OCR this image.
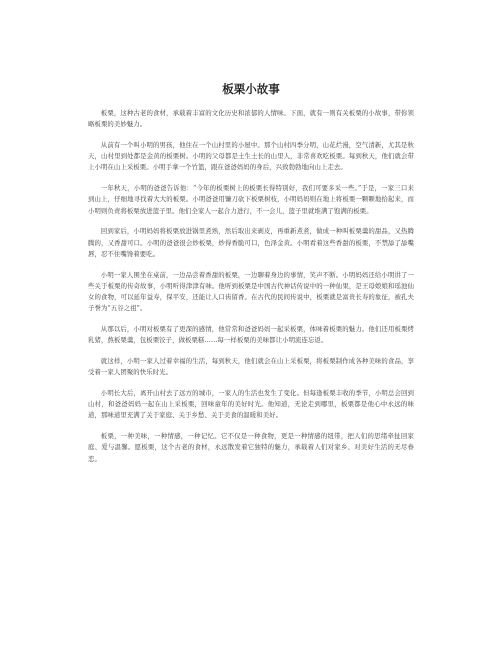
板栗小故事

板栗，这种古老的食材，承载着丰富的文化历史和浓郁的人情味。下面，就有一则有关板栗的小故事，带你领略板栗的美妙魅力。

从前有一个叫小明的男孩，他住在一个山村里的小屋中。那个山村四季分明，山花烂漫，空气清新，尤其是秋天，山村里到处都是金黄的板栗树。小明的父母都是土生土长的山里人，非常喜欢吃板栗。每到秋天，他们就会带上小明在山上采板栗。小明手拿一个竹篮，跟在爸爸妈妈的身后，兴致勃勃地向山上走去。

一年秋天，小明的爸爸告诉他：“今年的板栗树上的板栗长得特别好，我们可要多采一些。”于是，一家三口来到山上，仔细地寻找着大大的板栗。小明爸爸用镰刀砍下板栗树枝，小明妈妈则在地上将板栗一颗颗地拾起来，而小明则负责将板栗放进篮子里。他们全家人一起合力进行，不一会儿，篮子里就堆满了饱满的板栗。

回到家后，小明妈妈将板栗放进锅里煮熟，然后取出来剥皮，再重新煮煮，做成一种叫板栗羹的甜品，又热腾腾的，又香甜可口。小明的爸爸很会炒板栗，炒得香脆可口，色泽金黄。小明看着这些香甜的板栗，不禁舔了舔嘴唇，忍不住嘴馋着要吃。

小明一家人围坐在桌前，一边品尝着香甜的板栗，一边聊着身边的事情，笑声不断。小明妈妈还给小明讲了一些关于板栗的传奇故事，小明听得津津有味。他听到板栗是中国古代神话传说中的一种仙果，是王母娘娘和瑶池仙女的食物，可以延年益寿，保平安，还能让人口齿留香。在古代的民间传说中，板栗就是富贵长寿的象征，被孔夫子誉为“五谷之祖”。

从那以后，小明对板栗有了更深的感情，他常常和爸爸妈妈一起采板栗，体味着板栗的魅力。他们还用板栗烤乳猪，熬板栗羹，包板栗饺子，做板栗糕……每一样板栗的美味都让小明流连忘返。

就这样，小明一家人过着幸福的生活，每到秋天，他们就会在山上采板栗，将板栗制作成各种美味的食品，享受着一家人团聚的快乐时光。

小明长大后，离开山村去了远方的城市，一家人的生活也发生了变化。但每逢板栗丰收的季节，小明总会回到山村，和爸爸妈妈一起在山上采板栗，回味童年的美好时光。他知道，无论走到哪里，板栗都是他心中永远的味道，那味道里充满了关于家庭、关于乡愁、关于美食的温暖和美好。

板栗，一种美味，一种情感，一种记忆。它不仅是一种食物，更是一种情感的纽带，把人们的思绪牵扯回家庭、爱与温馨。愿板栗，这个古老的食材，永远散发着它独特的魅力，承载着人们对家乡、对美好生活的无尽眷恋。
